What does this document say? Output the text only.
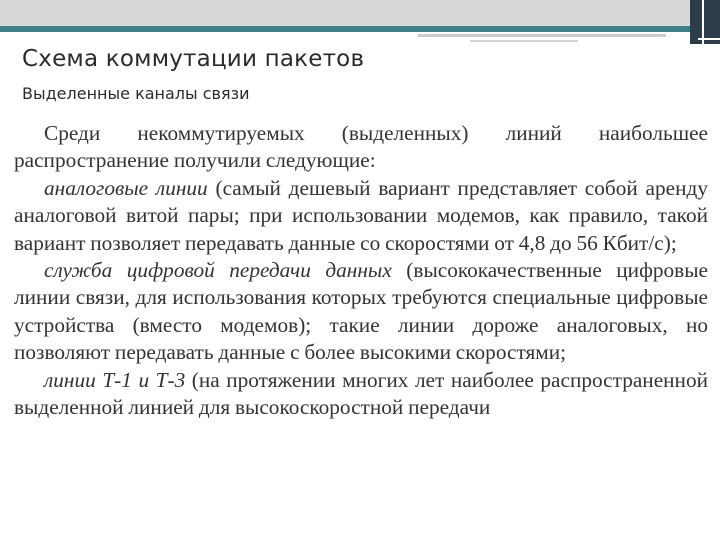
Схема коммутации пакетов
Выделенные каналы связи

Среди некоммутируемых (выделенных) линий наибольшее распространение получили следующие:

аналоговые линии (самый дешевый вариант представляет собой аренду аналоговой витой пары; при использовании модемов, как правило, такой вариант позволяет передавать данные со скоростями от 4,8 до 56 Кбит/с);

служба цифровой передачи данных (высококачественные цифровые линии связи, для использования которых требуются специальные цифровые устройства (вместо модемов); такие линии дороже аналоговых, но позволяют передавать данные с более высокими скоростями;

линии Т-1 и Т-3 (на протяжении многих лет наиболее распространенной выделенной линией для высокоскоростной передачи
